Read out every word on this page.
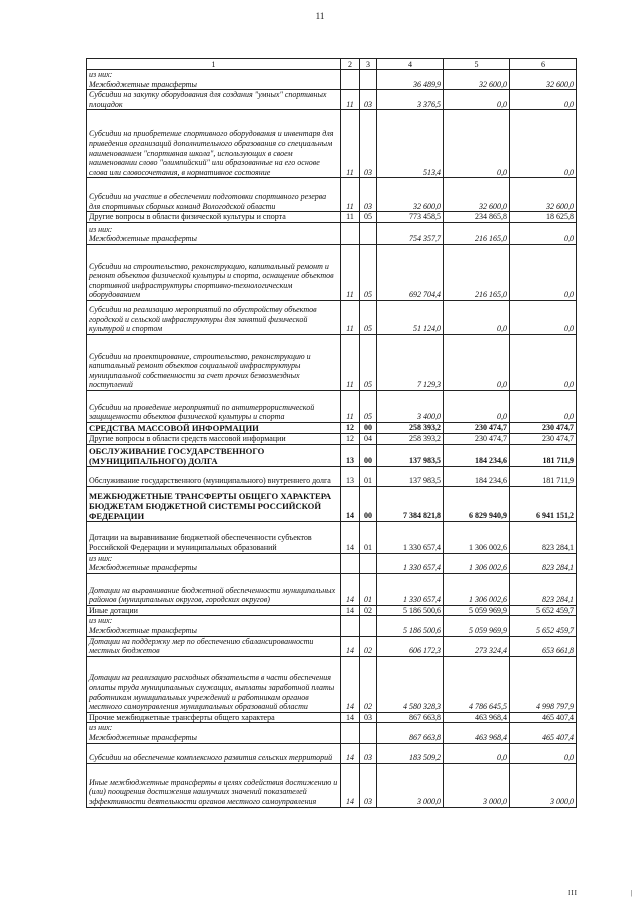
11
1	2	3	4	5	6
из них:
Межбюджетные трансферты			36 489,9	32 600,0	32 600,0
Субсидии на закупку оборудования для создания "умных" спортивных площадок	11	03	3 376,5	0,0	0,0
Субсидии на приобретение спортивного оборудования и инвентаря для приведения организаций дополнительного образования со специальным наименованием "спортивная школа", использующих в своем наименовании слово "олимпийский" или образованные на его основе слова или словосочетания, в нормативное состояние	11	03	513,4	0,0	0,0
Субсидии на участие в обеспечении подготовки спортивного резерва для спортивных сборных команд Вологодской области	11	03	32 600,0	32 600,0	32 600,0
Другие вопросы в области физической культуры и спорта	11	05	773 458,5	234 865,8	18 625,8
из них:
Межбюджетные трансферты			754 357,7	216 165,0	0,0
Субсидии на строительство, реконструкцию, капитальный ремонт и ремонт объектов физической культуры и спорта, оснащение объектов спортивной инфраструктуры спортивно-технологическим оборудованием	11	05	692 704,4	216 165,0	0,0
Субсидии на реализацию мероприятий по обустройству объектов городской и сельской инфраструктуры для занятий физической культурой и спортом	11	05	51 124,0	0,0	0,0
Субсидии на проектирование, строительство, реконструкцию и капитальный ремонт объектов социальной инфраструктуры муниципальной собственности за счет прочих безвозмездных поступлений	11	05	7 129,3	0,0	0,0
Субсидии на проведение мероприятий по антитеррористической защищенности объектов физической культуры и спорта	11	05	3 400,0	0,0	0,0
СРЕДСТВА МАССОВОЙ ИНФОРМАЦИИ	12	00	258 393,2	230 474,7	230 474,7
Другие вопросы в области средств массовой информации	12	04	258 393,2	230 474,7	230 474,7
ОБСЛУЖИВАНИЕ ГОСУДАРСТВЕННОГО (МУНИЦИПАЛЬНОГО) ДОЛГА	13	00	137 983,5	184 234,6	181 711,9
Обслуживание государственного (муниципального) внутреннего долга	13	01	137 983,5	184 234,6	181 711,9
МЕЖБЮДЖЕТНЫЕ ТРАНСФЕРТЫ ОБЩЕГО ХАРАКТЕРА БЮДЖЕТАМ БЮДЖЕТНОЙ СИСТЕМЫ РОССИЙСКОЙ ФЕДЕРАЦИИ	14	00	7 384 821,8	6 829 940,9	6 941 151,2
Дотации на выравнивание бюджетной обеспеченности субъектов Российской Федерации и муниципальных образований	14	01	1 330 657,4	1 306 002,6	823 284,1
из них:
Межбюджетные трансферты			1 330 657,4	1 306 002,6	823 284,1
Дотации на выравнивание бюджетной обеспеченности муниципальных районов (муниципальных округов, городских округов)	14	01	1 330 657,4	1 306 002,6	823 284,1
Иные дотации	14	02	5 186 500,6	5 059 969,9	5 652 459,7
из них:
Межбюджетные трансферты			5 186 500,6	5 059 969,9	5 652 459,7
Дотации на поддержку мер по обеспечению сбалансированности местных бюджетов	14	02	606 172,3	273 324,4	653 661,8
Дотации на реализацию расходных обязательств в части обеспечения оплаты труда муниципальных служащих, выплаты заработной платы работникам муниципальных учреждений и работникам органов местного самоуправления муниципальных образований области	14	02	4 580 328,3	4 786 645,5	4 998 797,9
Прочие межбюджетные трансферты общего характера	14	03	867 663,8	463 968,4	465 407,4
из них:
Межбюджетные трансферты			867 663,8	463 968,4	465 407,4
Субсидии на обеспечение комплексного развития сельских территорий	14	03	183 509,2	0,0	0,0
Иные межбюджетные трансферты в целях содействия достижению и (или) поощрения достижения наилучших значений показателей эффективности деятельности органов местного самоуправления	14	03	3 000,0	3 000,0	3 000,0
III	|
